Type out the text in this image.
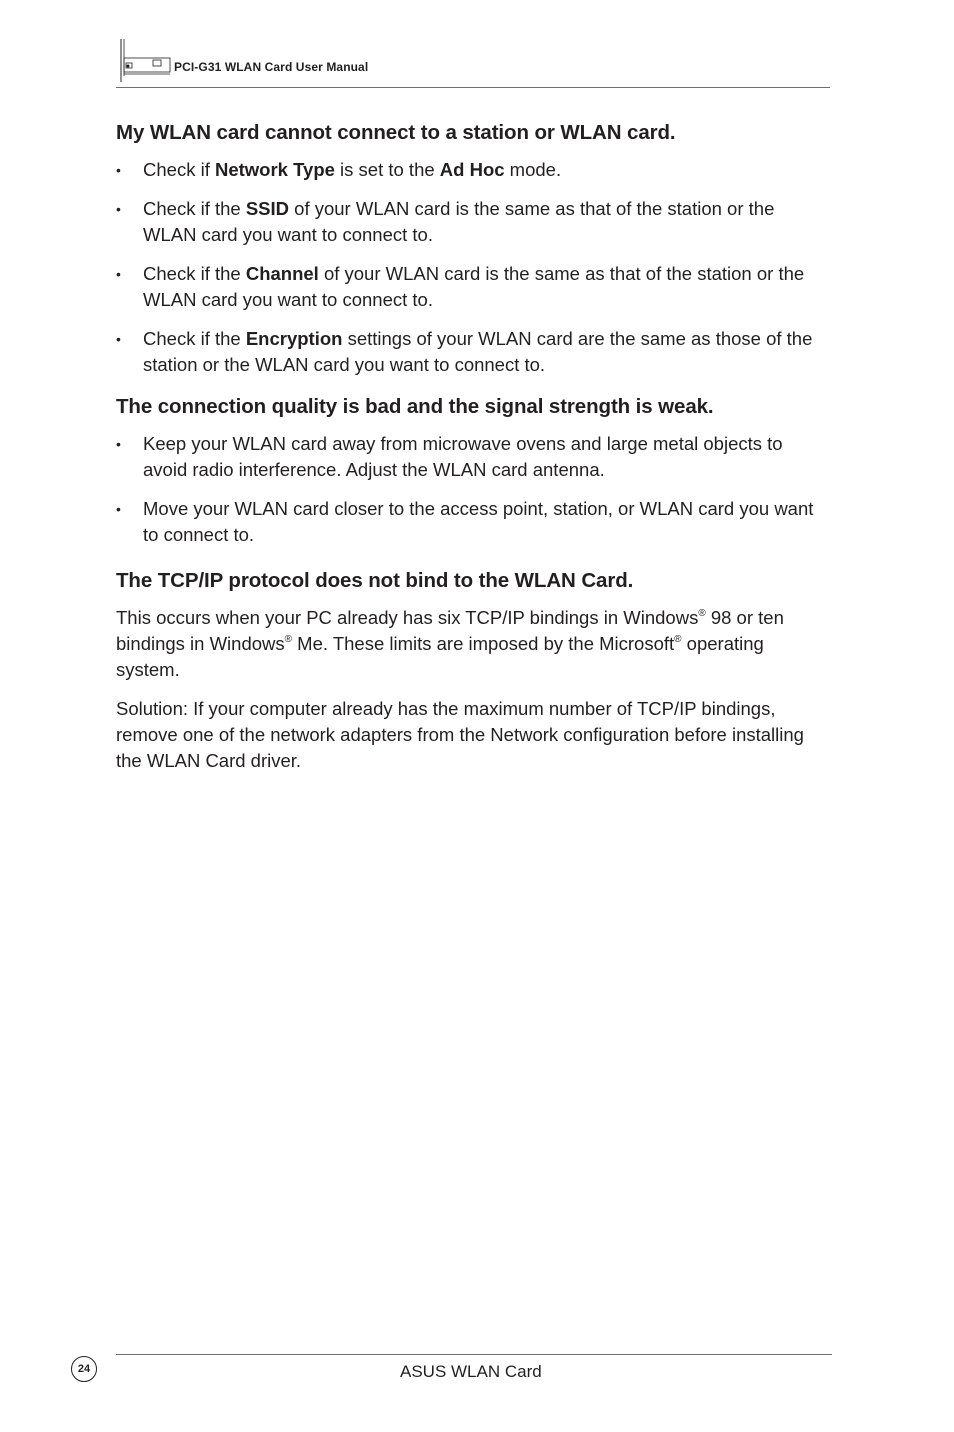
PCI-G31 WLAN Card User Manual
My WLAN card cannot connect to a station or WLAN card.
• Check if Network Type is set to the Ad Hoc mode.
• Check if the SSID of your WLAN card is the same as that of the station or the WLAN card you want to connect to.
• Check if the Channel of your WLAN card is the same as that of the station or the WLAN card you want to connect to.
• Check if the Encryption settings of your WLAN card are the same as those of the station or the WLAN card you want to connect to.
The connection quality is bad and the signal strength is weak.
• Keep your WLAN card away from microwave ovens and large metal objects to avoid radio interference. Adjust the WLAN card antenna.
• Move your WLAN card closer to the access point, station, or WLAN card you want to connect to.
The TCP/IP protocol does not bind to the WLAN Card.

This occurs when your PC already has six TCP/IP bindings in Windows® 98 or ten bindings in Windows® Me. These limits are imposed by the Microsoft® operating system.

Solution: If your computer already has the maximum number of TCP/IP bindings, remove one of the network adapters from the Network configuration before installing the WLAN Card driver.

24	ASUS WLAN Card
